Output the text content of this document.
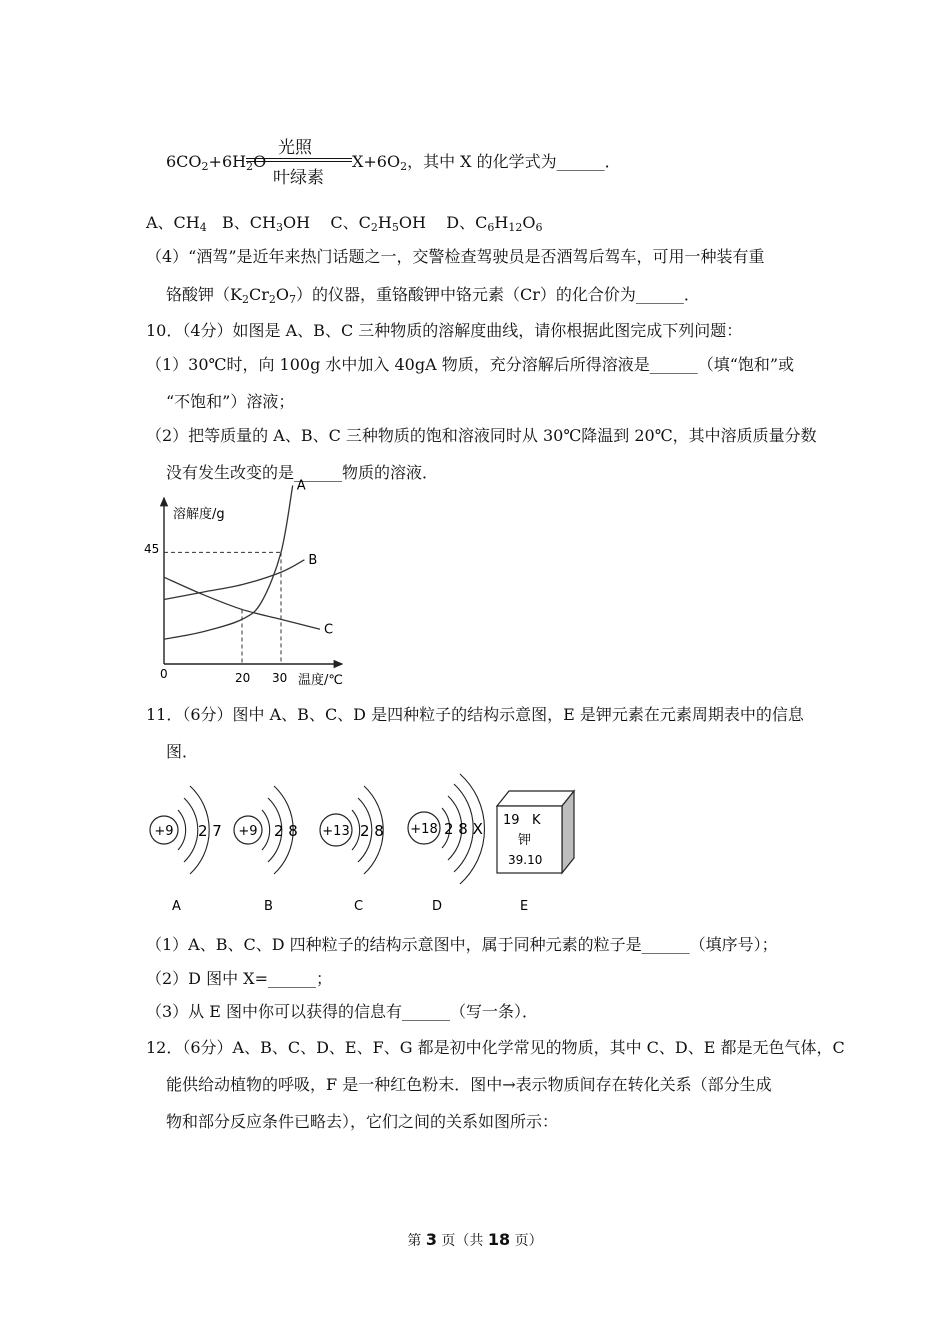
$6CO_2+6H_2O$
光照
叶绿素
$X+6O_2$，其中 X 的化学式为______．
A、$CH_4$ B、$CH_3OH$ C、$C_2H_5OH$ D、$C_6H_{12}O_6$
（4）“酒驾”是近年来热门话题之一，交警检查驾驶员是否酒驾后驾车，可用一种装有重
铬酸钾$(K_2Cr_2O_7)$的仪器，重铬酸钾中铬元素（Cr）的化合价为______．
10．（4分）如图是 A、B、C 三种物质的溶解度曲线，请你根据此图完成下列问题：
（1）30℃时，向 100g 水中加入 40gA 物质，充分溶解后所得溶液是______（填“饱和”或
“不饱和”）溶液；
（2）把等质量的 A、B、C 三种物质的饱和溶液同时从 30℃降温到 20℃，其中溶质质量分数
没有发生改变的是______物质的溶液．
溶解度/g
温度/℃
0	20 30
45
A
B
C
11．（6分）图中 A、B、C、D 是四种粒子的结构示意图，E 是钾元素在元素周期表中的信息
图．
+9 2 7
A
+9 2 8
B
+13 2 8
C
+18 2 8 X
D
19 K
钾
39.10
E
（1）A、B、C、D 四种粒子的结构示意图中，属于同种元素的粒子是______（填序号）；
（2）D 图中 X=______；
（3）从 E 图中你可以获得的信息有______（写一条）．
12．（6分）A、B、C、D、E、F、G 都是初中化学常见的物质，其中 C、D、E 都是无色气体，C
能供给动植物的呼吸，F 是一种红色粉末．图中→表示物质间存在转化关系（部分生成
物和部分反应条件已略去），它们之间的关系如图所示：
第 3 页（共 18 页）
